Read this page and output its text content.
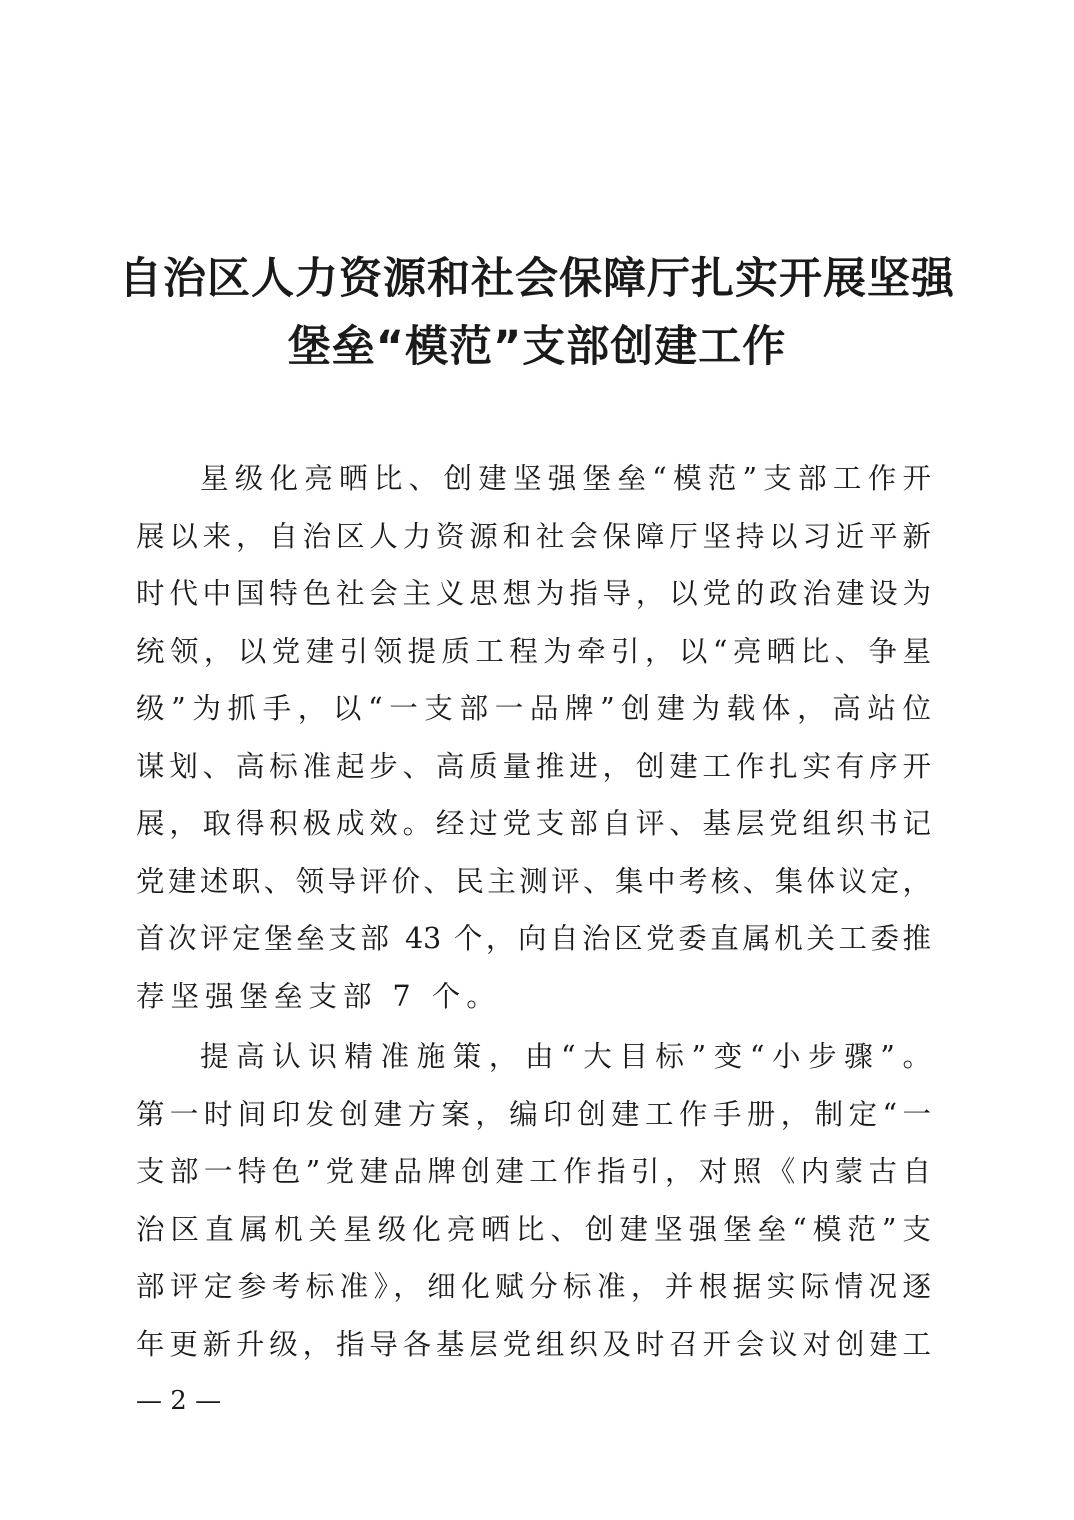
自治区人力资源和社会保障厅扎实开展坚强
堡垒“模范”支部创建工作
星级化亮晒比、创建坚强堡垒“模范”支部工作开
展以来，自治区人力资源和社会保障厅坚持以习近平新
时代中国特色社会主义思想为指导，以党的政治建设为
统领，以党建引领提质工程为牵引，以“亮晒比、争星
级”为抓手，以“一支部一品牌”创建为载体，高站位
谋划、高标准起步、高质量推进，创建工作扎实有序开
展，取得积极成效。经过党支部自评、基层党组织书记
党建述职、领导评价、民主测评、集中考核、集体议定，
首次评定堡垒支部 43 个，向自治区党委直属机关工委推
荐坚强堡垒支部 7 个。
提高认识精准施策，由“大目标”变“小步骤”。
第一时间印发创建方案，编印创建工作手册，制定“一
支部一特色”党建品牌创建工作指引，对照《内蒙古自
治区直属机关星级化亮晒比、创建坚强堡垒“模范”支
部评定参考标准》，细化赋分标准，并根据实际情况逐
年更新升级，指导各基层党组织及时召开会议对创建工
— 2 —
